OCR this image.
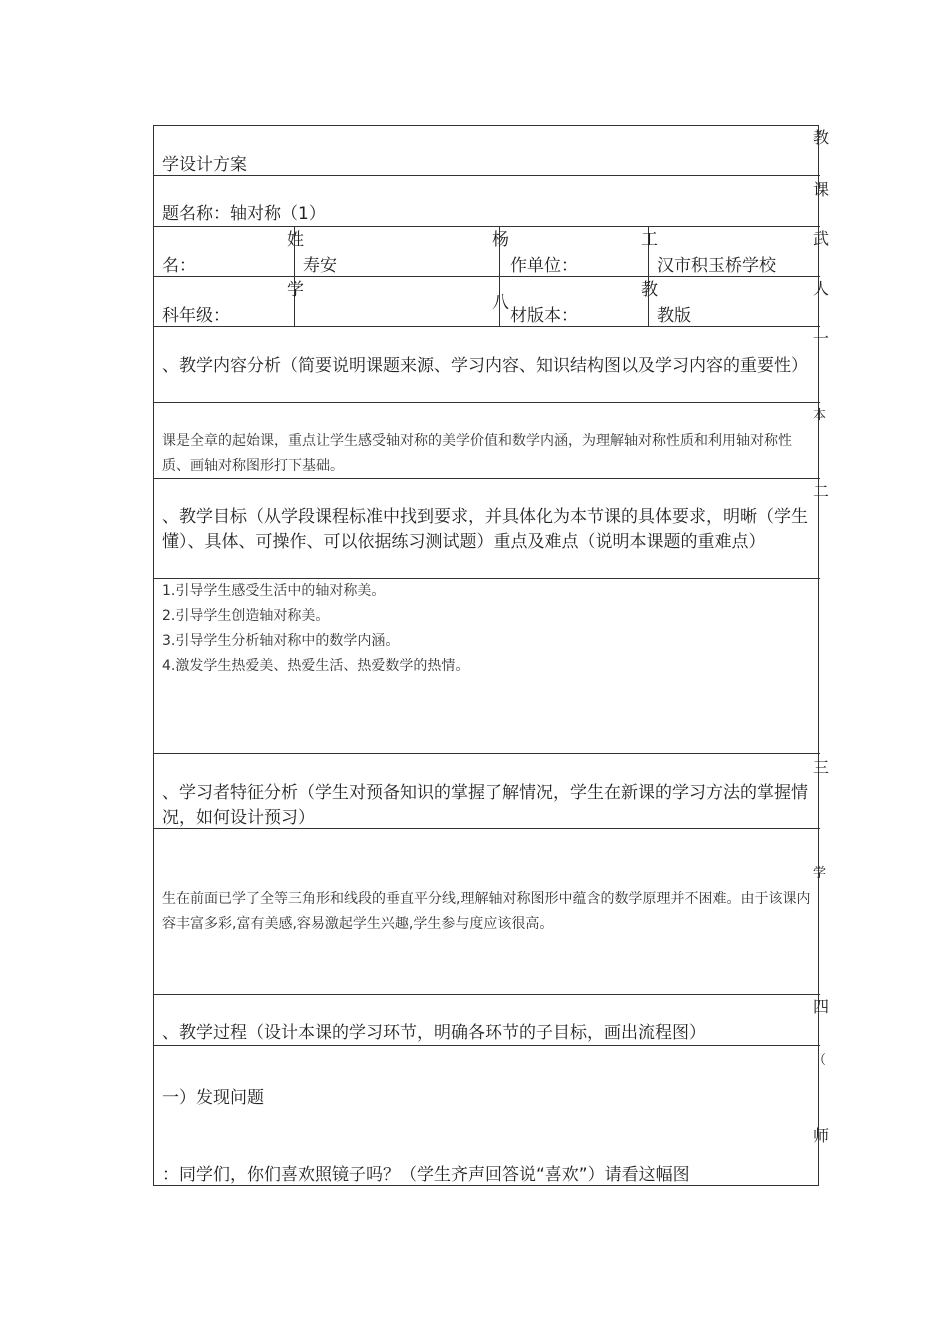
学设计方案
题名称：轴对称（1）
姓
名：	寿安
杨
作单位：
工
汉市积玉桥学校
学
科年级：
八
材版本：
教
教版
、教学内容分析（简要说明课题来源、学习内容、知识结构图以及学习内容的重要性）
课是全章的起始课，重点让学生感受轴对称的美学价值和数学内涵，为理解轴对称性质和利用轴对称性质、画轴对称图形打下基础。
、教学目标（从学段课程标准中找到要求，并具体化为本节课的具体要求，明晰（学生懂）、具体、可操作、可以依据练习测试题）重点及难点（说明本课题的重难点）
1.引导学生感受生活中的轴对称美。
2.引导学生创造轴对称美。
3.引导学生分析轴对称中的数学内涵。
4.激发学生热爱美、热爱生活、热爱数学的热情。
、学习者特征分析（学生对预备知识的掌握了解情况，学生在新课的学习方法的掌握情况，如何设计预习）
生在前面已学了全等三角形和线段的垂直平分线,理解轴对称图形中蕴含的数学原理并不困难。由于该课内容丰富多彩,富有美感,容易激起学生兴趣,学生参与度应该很高。
、教学过程（设计本课的学习环节，明确各环节的子目标，画出流程图）
一）发现问题
：同学们，你们喜欢照镜子吗？（学生齐声回答说“喜欢”）请看这幅图
教
课
武
人
一
本
二
三
学
四
（
师
